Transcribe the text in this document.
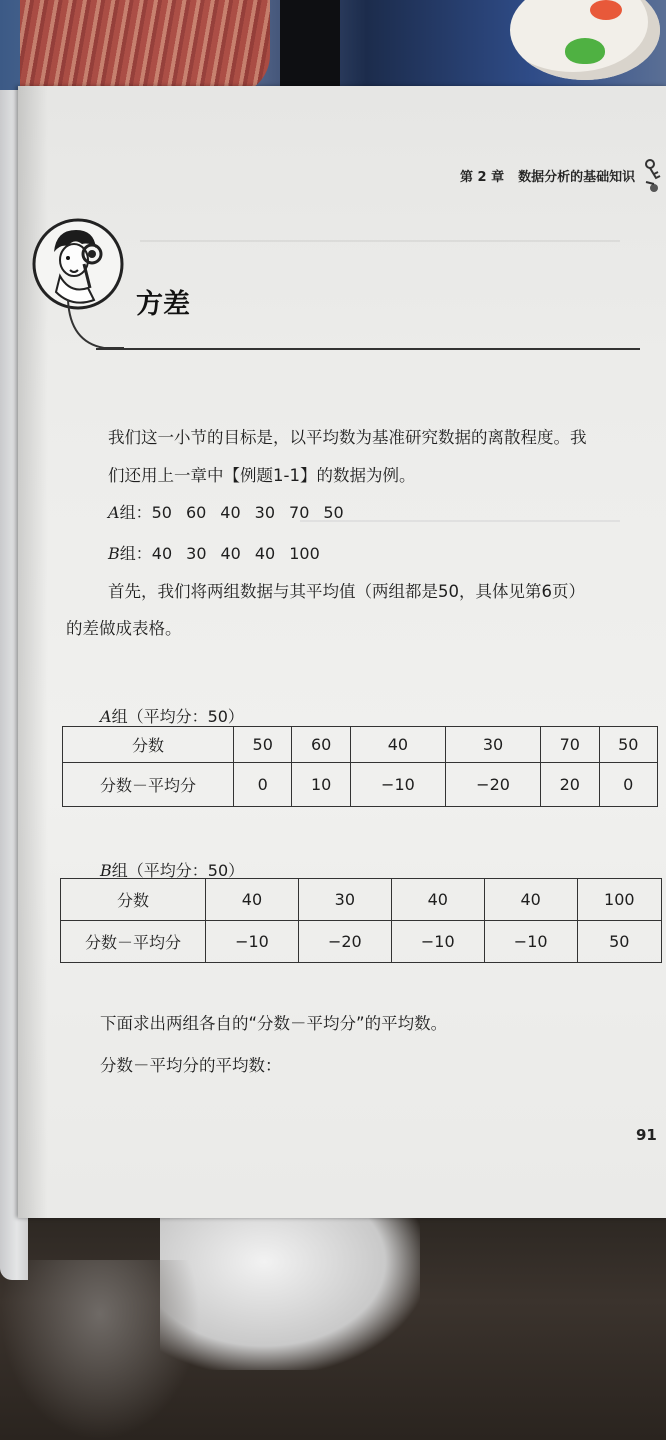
第 2 章 数据分析的基础知识
方差
我们这一小节的目标是，以平均数为基准研究数据的离散程度。我
们还用上一章中【例题1-1】的数据为例。
A组：50 60 40 30 70 50
B组：40 30 40 40 100
首先，我们将两组数据与其平均值（两组都是50，具体见第6页）
的差做成表格。
A组（平均分：50）
分数	50	60	40	30	70	50
分数－平均分	0	10	−10	−20	20	0
B组（平均分：50）
分数	40	30	40	40	100
分数－平均分	−10	−20	−10	−10	50
下面求出两组各自的“分数－平均分”的平均数。
分数－平均分的平均数：
91
